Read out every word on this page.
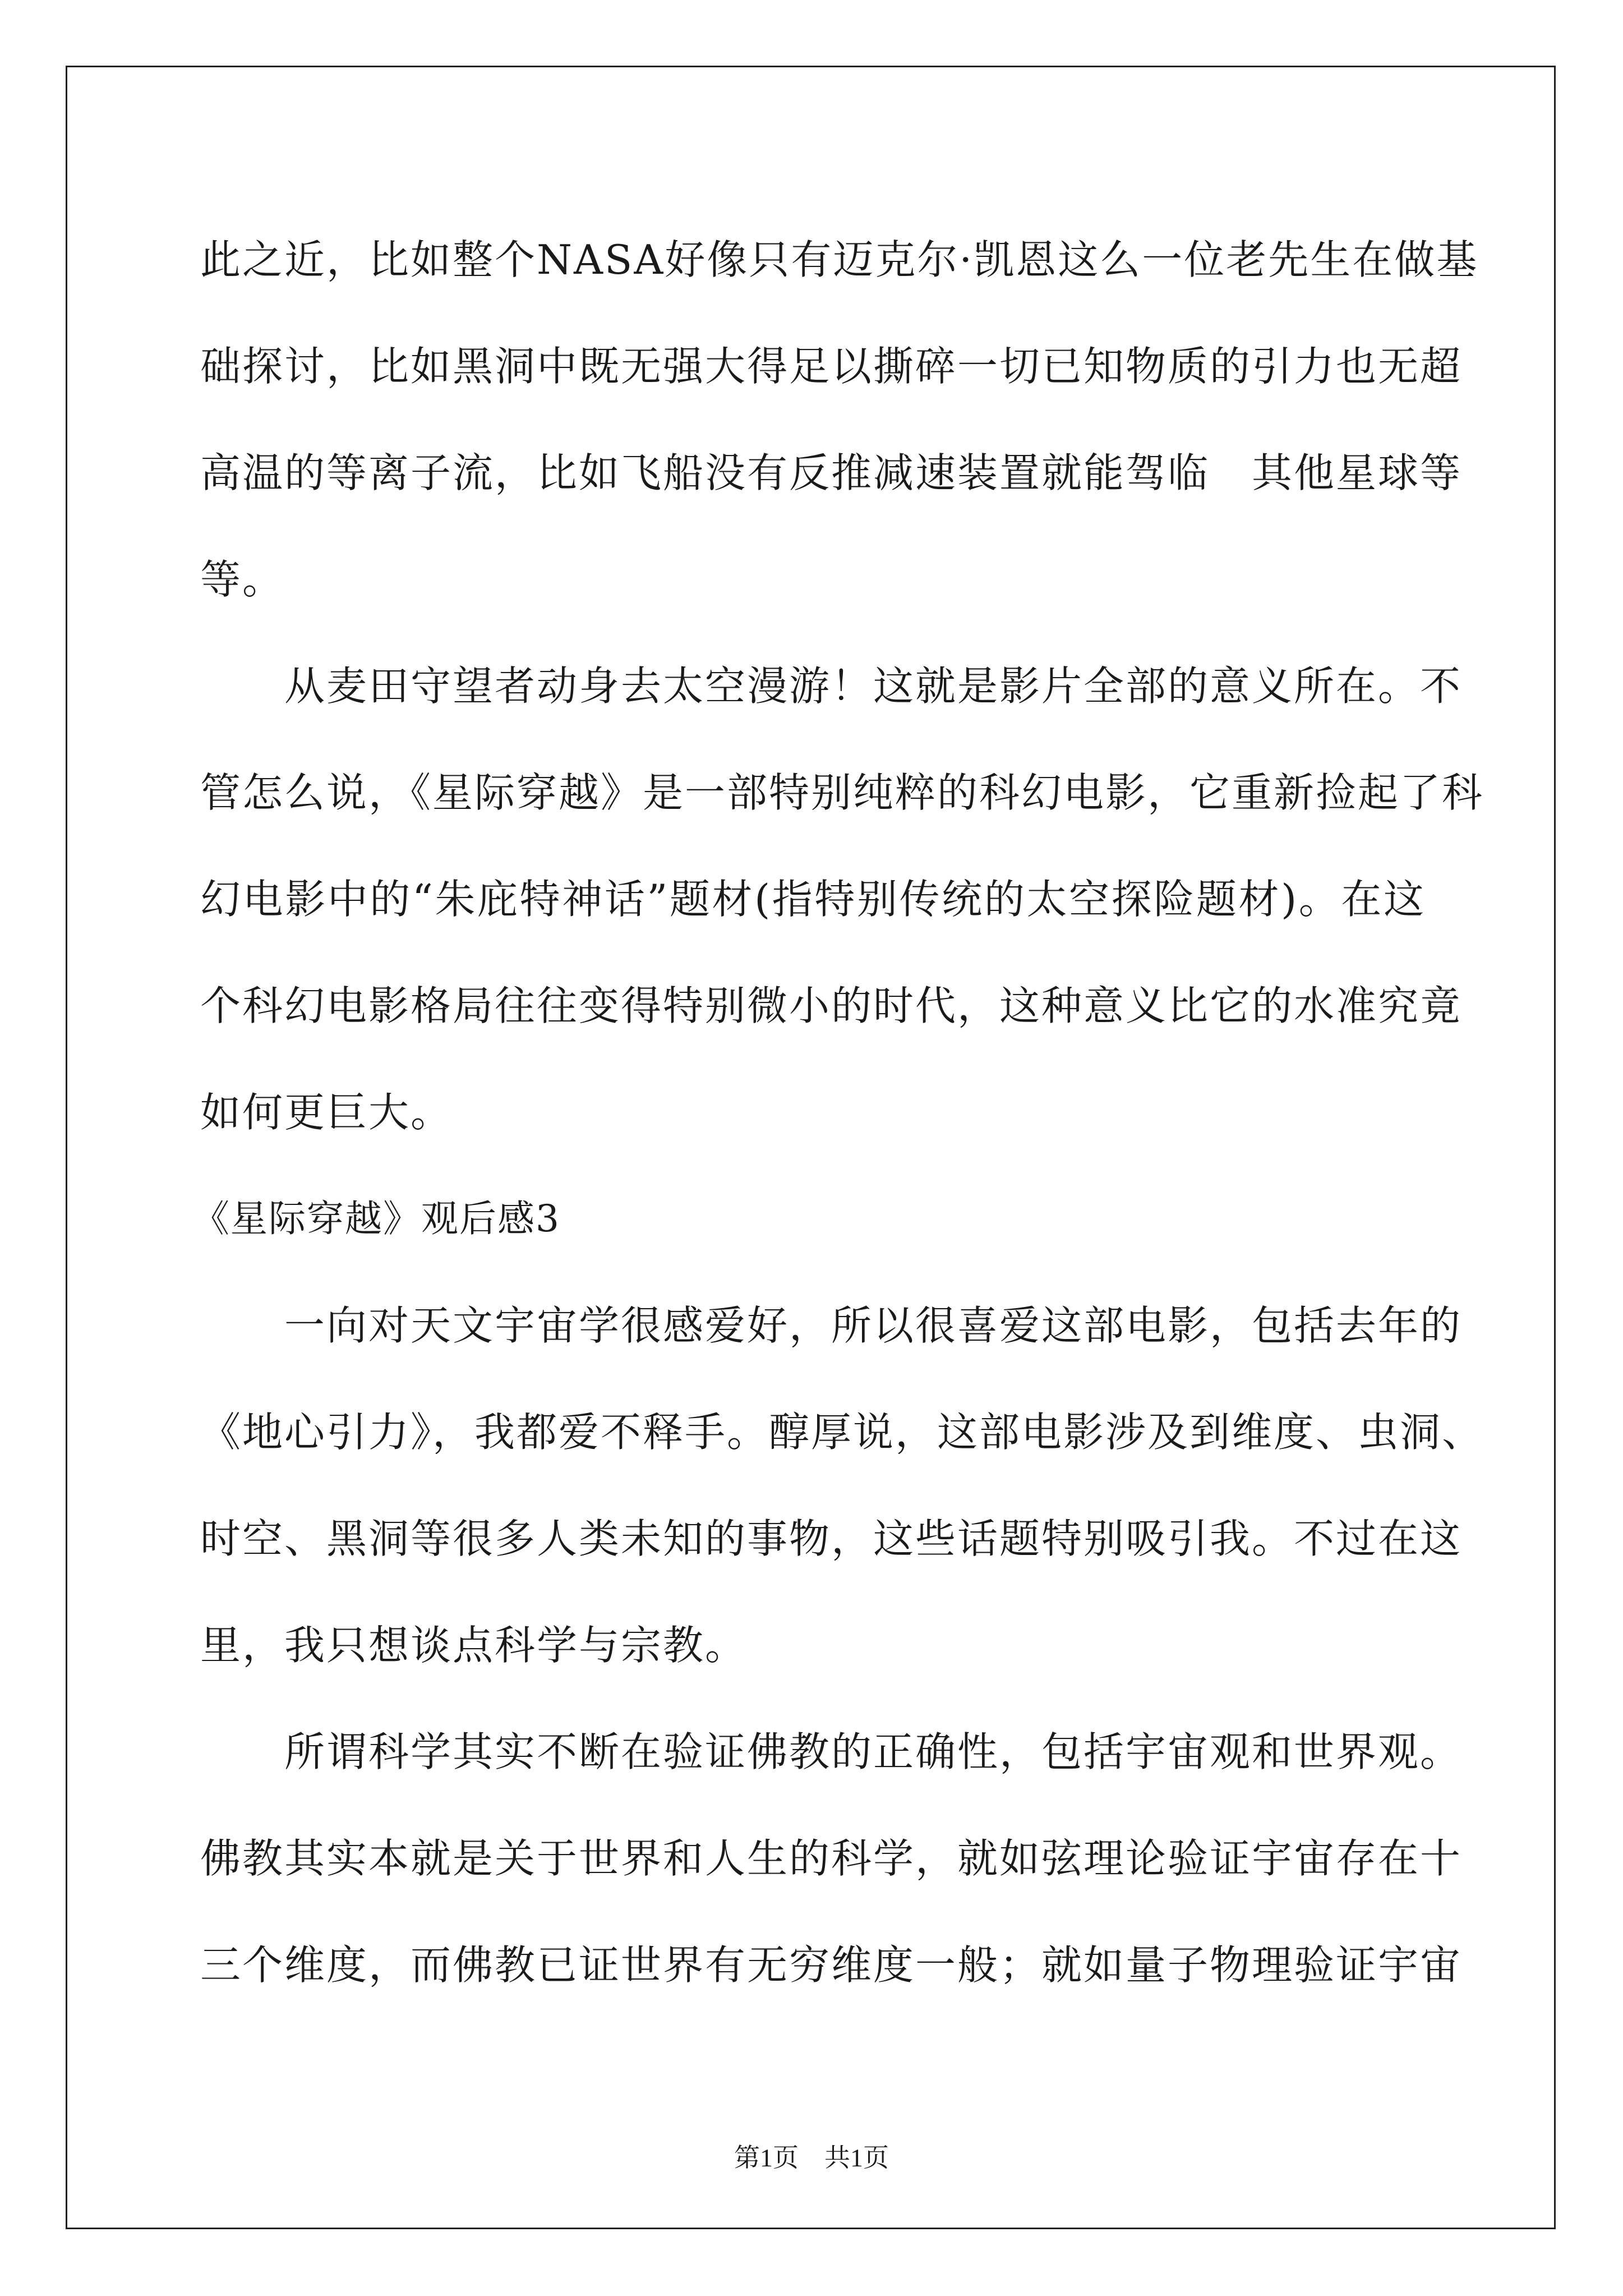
此之近，比如整个NASA好像只有迈克尔·凯恩这么一位老先生在做基
础探讨，比如黑洞中既无强大得足以撕碎一切已知物质的引力也无超
高温的等离子流，比如飞船没有反推减速装置就能驾临　其他星球等
等。
从麦田守望者动身去太空漫游！这就是影片全部的意义所在。不
管怎么说，《星际穿越》是一部特别纯粹的科幻电影，它重新捡起了科
幻电影中的“朱庇特神话”题材(指特别传统的太空探险题材)。在这
个科幻电影格局往往变得特别微小的时代，这种意义比它的水准究竟
如何更巨大。
《星际穿越》观后感3
一向对天文宇宙学很感爱好，所以很喜爱这部电影，包括去年的
《地心引力》，我都爱不释手。醇厚说，这部电影涉及到维度、虫洞、
时空、黑洞等很多人类未知的事物，这些话题特别吸引我。不过在这
里，我只想谈点科学与宗教。
所谓科学其实不断在验证佛教的正确性，包括宇宙观和世界观。
佛教其实本就是关于世界和人生的科学，就如弦理论验证宇宙存在十
三个维度，而佛教已证世界有无穷维度一般；就如量子物理验证宇宙
第1页 共1页
